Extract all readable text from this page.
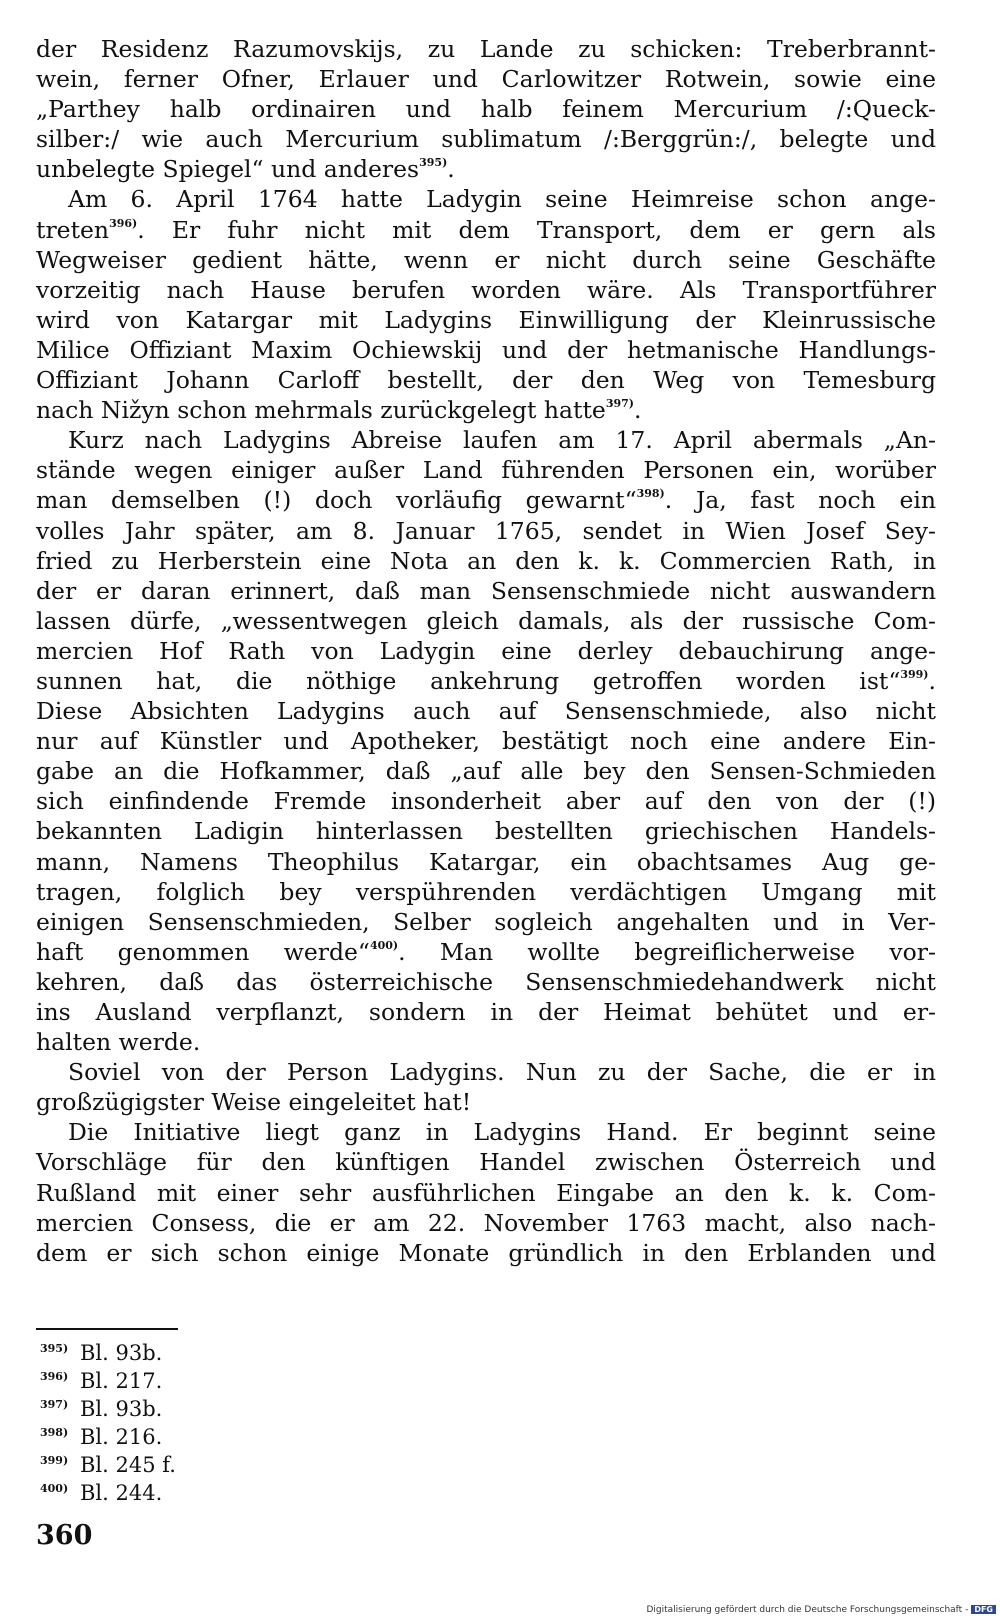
der Residenz Razumovskijs, zu Lande zu schicken: Treberbrannt-
wein, ferner Ofner, Erlauer und Carlowitzer Rotwein, sowie eine
„Parthey halb ordinairen und halb feinem Mercurium /:Queck-
silber:/ wie auch Mercurium sublimatum /:Berggrün:/, belegte und
unbelegte Spiegel“ und anderes$^{395)}$.
Am 6. April 1764 hatte Ladygin seine Heimreise schon ange-
treten$^{396)}$. Er fuhr nicht mit dem Transport, dem er gern als
Wegweiser gedient hätte, wenn er nicht durch seine Geschäfte
vorzeitig nach Hause berufen worden wäre. Als Transportführer
wird von Katargar mit Ladygins Einwilligung der Kleinrussische
Milice Offiziant Maxim Ochiewskij und der hetmanische Handlungs-
Offiziant Johann Carloff bestellt, der den Weg von Temesburg
nach Nižyn schon mehrmals zurückgelegt hatte$^{397)}$.
Kurz nach Ladygins Abreise laufen am 17. April abermals „An-
stände wegen einiger außer Land führenden Personen ein, worüber
man demselben (!) doch vorläufig gewarnt“$^{398)}$. Ja, fast noch ein
volles Jahr später, am 8. Januar 1765, sendet in Wien Josef Sey-
fried zu Herberstein eine Nota an den k. k. Commercien Rath, in
der er daran erinnert, daß man Sensenschmiede nicht auswandern
lassen dürfe, „wessentwegen gleich damals, als der russische Com-
mercien Hof Rath von Ladygin eine derley debauchirung ange-
sunnen hat, die nöthige ankehrung getroffen worden ist“$^{399)}$.
Diese Absichten Ladygins auch auf Sensenschmiede, also nicht
nur auf Künstler und Apotheker, bestätigt noch eine andere Ein-
gabe an die Hofkammer, daß „auf alle bey den Sensen-Schmieden
sich einfindende Fremde insonderheit aber auf den von der (!)
bekannten Ladigin hinterlassen bestellten griechischen Handels-
mann, Namens Theophilus Katargar, ein obachtsames Aug ge-
tragen, folglich bey verspührenden verdächtigen Umgang mit
einigen Sensenschmieden, Selber sogleich angehalten und in Ver-
haft genommen werde“$^{400)}$. Man wollte begreiflicherweise vor-
kehren, daß das österreichische Sensenschmiedehandwerk nicht
ins Ausland verpflanzt, sondern in der Heimat behütet und er-
halten werde.
Soviel von der Person Ladygins. Nun zu der Sache, die er in
großzügigster Weise eingeleitet hat!
Die Initiative liegt ganz in Ladygins Hand. Er beginnt seine
Vorschläge für den künftigen Handel zwischen Österreich und
Rußland mit einer sehr ausführlichen Eingabe an den k. k. Com-
mercien Consess, die er am 22. November 1763 macht, also nach-
dem er sich schon einige Monate gründlich in den Erblanden und
395) Bl. 93b.
396) Bl. 217.
397) Bl. 93b.
398) Bl. 216.
399) Bl. 245 f.
400) Bl. 244.
360
Digitalisierung gefördert durch die Deutsche Forschungsgemeinschaft - DFG
